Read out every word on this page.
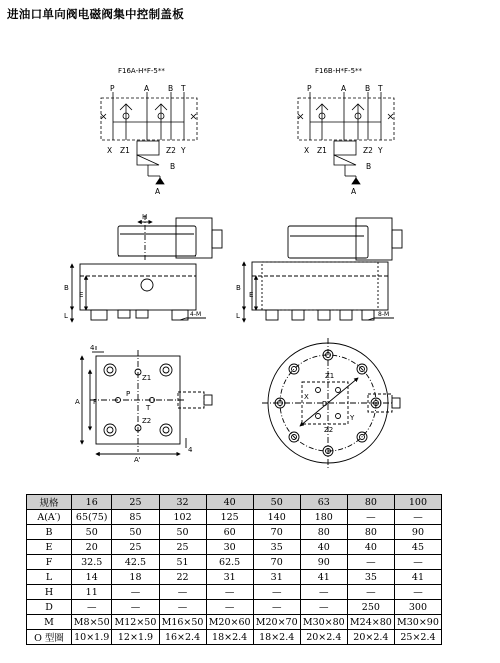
进油口单向阀电磁阀集中控制盖板
F16A-H*F-5**
P	A	B T
X Z1	Z2 Y
B
A
F16B-H*F-5**
P	A	B T
X Z1	Z2 Y
B
A
H
B
E
L	4-M
B
E
L	8-M
4
4
A F
A'
Z1
Z2
P
T
Z1
Z2
D
X
Y
规格	16	25	32	40	50	63	80	100
A(A′)	65(75)	85	102	125	140	180	—	—
B	50	50	50	60	70	80	80	90
E	20	25	25	30	35	40	40	45
F	32.5	42.5	51	62.5	70	90	—	—
L	14	18	22	31	31	41	35	41
H	11	—	—	—	—	—	—	—
D	—	—	—	—	—	—	250	300
M	M8×50	M12×50	M16×50	M20×60	M20×70	M30×80	M24×80	M30×90
O 型圈	10×1.9	12×1.9	16×2.4	18×2.4	18×2.4	20×2.4	20×2.4	25×2.4
